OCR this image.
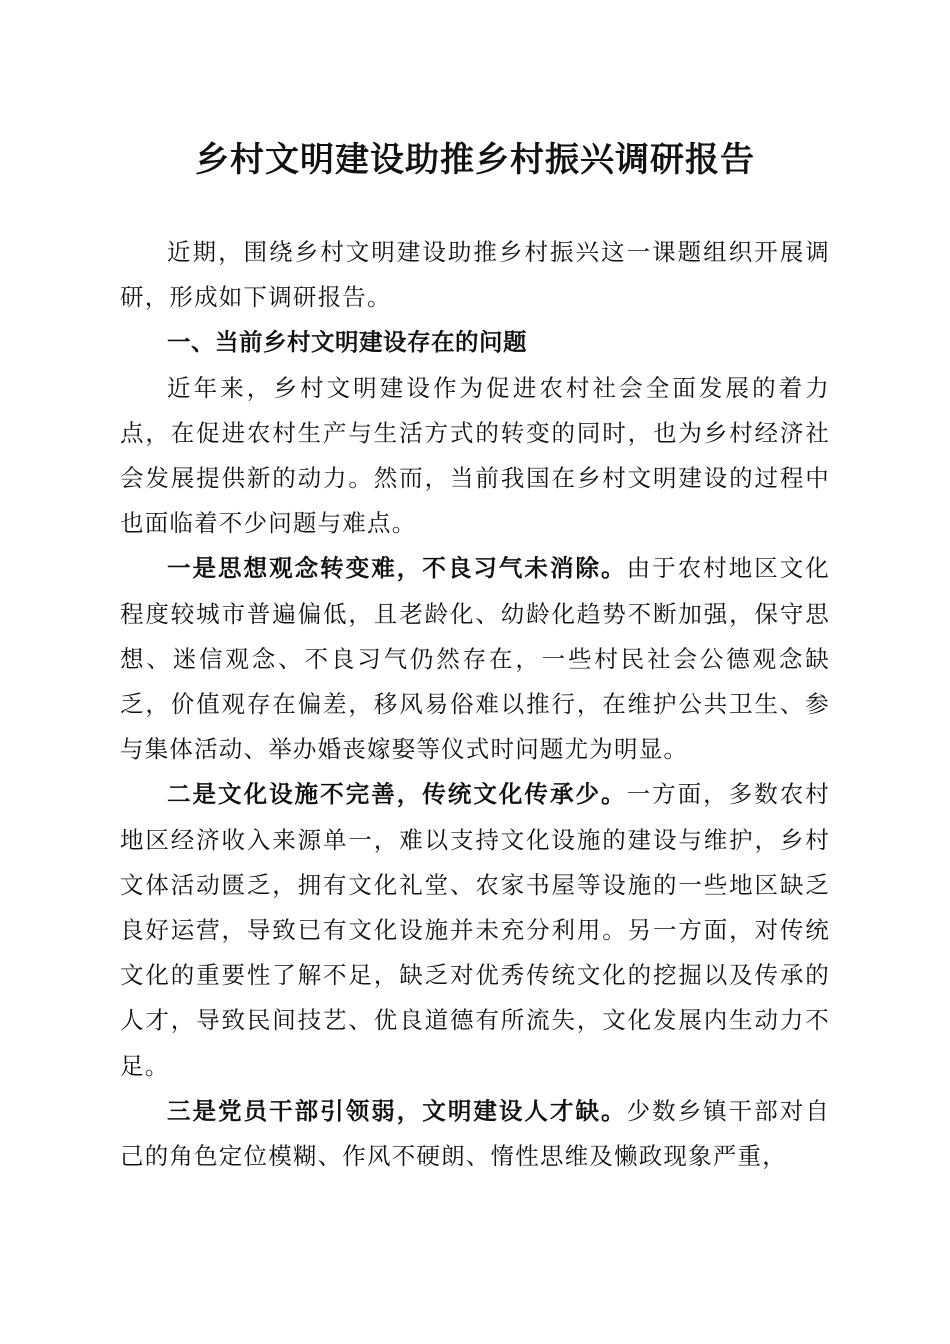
乡村文明建设助推乡村振兴调研报告

近期，围绕乡村文明建设助推乡村振兴这一课题组织开展调研，形成如下调研报告。

一、当前乡村文明建设存在的问题

近年来，乡村文明建设作为促进农村社会全面发展的着力点，在促进农村生产与生活方式的转变的同时，也为乡村经济社会发展提供新的动力。然而，当前我国在乡村文明建设的过程中也面临着不少问题与难点。

一是思想观念转变难，不良习气未消除。由于农村地区文化程度较城市普遍偏低，且老龄化、幼龄化趋势不断加强，保守思想、迷信观念、不良习气仍然存在，一些村民社会公德观念缺乏，价值观存在偏差，移风易俗难以推行，在维护公共卫生、参与集体活动、举办婚丧嫁娶等仪式时问题尤为明显。

二是文化设施不完善，传统文化传承少。一方面，多数农村地区经济收入来源单一，难以支持文化设施的建设与维护，乡村文体活动匮乏，拥有文化礼堂、农家书屋等设施的一些地区缺乏良好运营，导致已有文化设施并未充分利用。另一方面，对传统文化的重要性了解不足，缺乏对优秀传统文化的挖掘以及传承的人才，导致民间技艺、优良道德有所流失，文化发展内生动力不足。

三是党员干部引领弱，文明建设人才缺。少数乡镇干部对自己的角色定位模糊、作风不硬朗、惰性思维及懒政现象严重，
